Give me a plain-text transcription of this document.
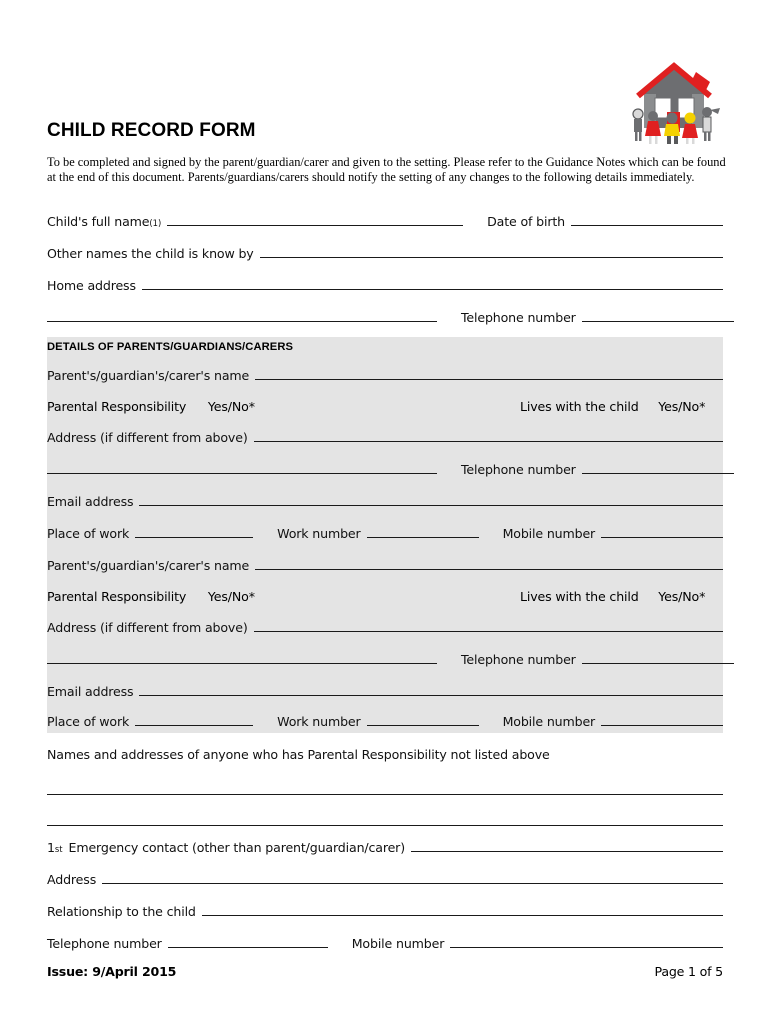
CHILD RECORD FORM
To be completed and signed by the parent/guardian/carer and given to the setting. Please refer to the Guidance Notes which can be found at the end of this document. Parents/guardians/carers should notify the setting of any changes to the following details immediately.
Child's full name (1)	Date of birth
Other names the child is know by
Home address
Telephone number
DETAILS OF PARENTS/GUARDIANS/CARERS
Parent's/guardian's/carer's name
Parental Responsibility Yes/No*	Lives with the child Yes/No*
Address (if different from above)
Telephone number
Email address
Place of work	Work number	Mobile number
Parent's/guardian's/carer's name
Parental Responsibility Yes/No*	Lives with the child Yes/No*
Address (if different from above)
Telephone number
Email address
Place of work	Work number	Mobile number
Names and addresses of anyone who has Parental Responsibility not listed above
1 st Emergency contact (other than parent/guardian/carer)
Address
Relationship to the child
Telephone number	Mobile number
Issue: 9/April 2015	Page 1 of 5
